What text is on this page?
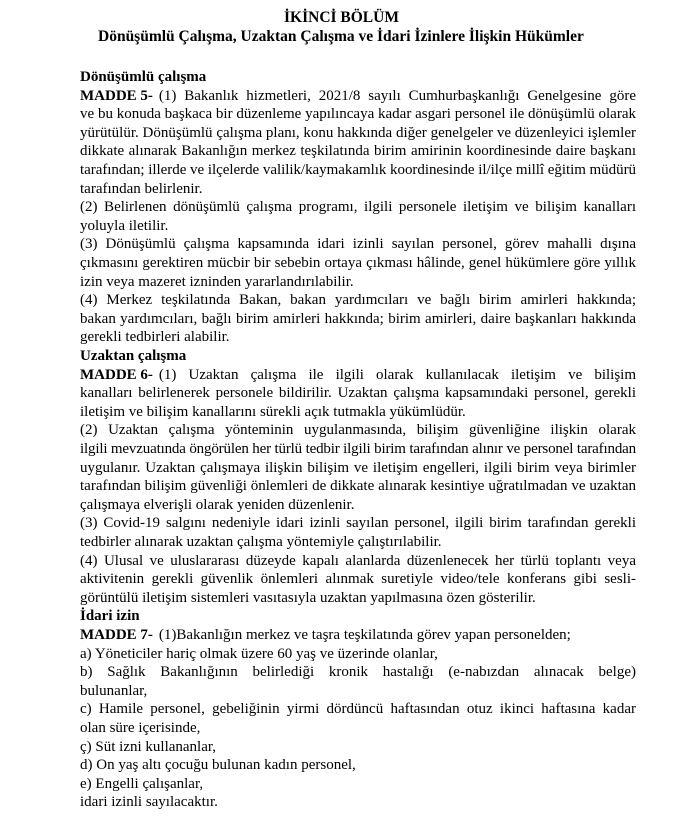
İKİNCİ BÖLÜM
Dönüşümlü Çalışma, Uzaktan Çalışma ve İdari İzinlere İlişkin Hükümler
Dönüşümlü çalışma
MADDE 5- (1) Bakanlık hizmetleri, 2021/8 sayılı Cumhurbaşkanlığı Genelgesine göre
ve bu konuda başkaca bir düzenleme yapılıncaya kadar asgari personel ile dönüşümlü olarak
yürütülür. Dönüşümlü çalışma planı, konu hakkında diğer genelgeler ve düzenleyici işlemler
dikkate alınarak Bakanlığın merkez teşkilatında birim amirinin koordinesinde daire başkanı
tarafından; illerde ve ilçelerde valilik/kaymakamlık koordinesinde il/ilçe millî eğitim müdürü
tarafından belirlenir.
(2) Belirlenen dönüşümlü çalışma programı, ilgili personele iletişim ve bilişim kanalları
yoluyla iletilir.
(3) Dönüşümlü çalışma kapsamında idari izinli sayılan personel, görev mahalli dışına
çıkmasını gerektiren mücbir bir sebebin ortaya çıkması hâlinde, genel hükümlere göre yıllık
izin veya mazeret izninden yararlandırılabilir.
(4) Merkez teşkilatında Bakan, bakan yardımcıları ve bağlı birim amirleri hakkında;
bakan yardımcıları, bağlı birim amirleri hakkında; birim amirleri, daire başkanları hakkında
gerekli tedbirleri alabilir.
Uzaktan çalışma
MADDE 6- (1) Uzaktan çalışma ile ilgili olarak kullanılacak iletişim ve bilişim
kanalları belirlenerek personele bildirilir. Uzaktan çalışma kapsamındaki personel, gerekli
iletişim ve bilişim kanallarını sürekli açık tutmakla yükümlüdür.
(2) Uzaktan çalışma yönteminin uygulanmasında, bilişim güvenliğine ilişkin olarak
ilgili mevzuatında öngörülen her türlü tedbir ilgili birim tarafından alınır ve personel tarafından
uygulanır. Uzaktan çalışmaya ilişkin bilişim ve iletişim engelleri, ilgili birim veya birimler
tarafından bilişim güvenliği önlemleri de dikkate alınarak kesintiye uğratılmadan ve uzaktan
çalışmaya elverişli olarak yeniden düzenlenir.
(3) Covid-19 salgını nedeniyle idari izinli sayılan personel, ilgili birim tarafından gerekli
tedbirler alınarak uzaktan çalışma yöntemiyle çalıştırılabilir.
(4) Ulusal ve uluslararası düzeyde kapalı alanlarda düzenlenecek her türlü toplantı veya
aktivitenin gerekli güvenlik önlemleri alınmak suretiyle video/tele konferans gibi sesli-
görüntülü iletişim sistemleri vasıtasıyla uzaktan yapılmasına özen gösterilir.
İdari izin
MADDE 7- (1)Bakanlığın merkez ve taşra teşkilatında görev yapan personelden;
a) Yöneticiler hariç olmak üzere 60 yaş ve üzerinde olanlar,
b) Sağlık Bakanlığının belirlediği kronik hastalığı (e-nabızdan alınacak belge)
bulunanlar,
c) Hamile personel, gebeliğinin yirmi dördüncü haftasından otuz ikinci haftasına kadar
olan süre içerisinde,
ç) Süt izni kullananlar,
d) On yaş altı çocuğu bulunan kadın personel,
e) Engelli çalışanlar,
idari izinli sayılacaktır.
